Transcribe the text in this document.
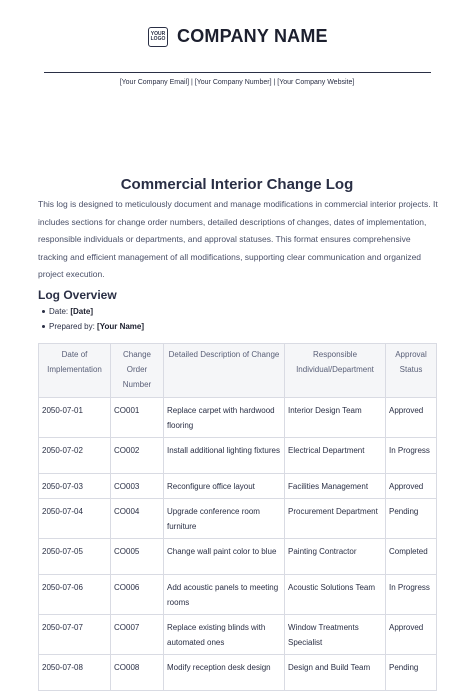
YOUR LOGO COMPANY NAME
[Your Company Email] | [Your Company Number] | [Your Company Website]
Commercial Interior Change Log
This log is designed to meticulously document and manage modifications in commercial interior projects. It includes sections for change order numbers, detailed descriptions of changes, dates of implementation, responsible individuals or departments, and approval statuses. This format ensures comprehensive tracking and efficient management of all modifications, supporting clear communication and organized project execution.
Log Overview
Date: [Date]
Prepared by: [Your Name]
Date of Implementation	Change Order Number	Detailed Description of Change	Responsible Individual/Department	Approval Status
2050-07-01	CO001	Replace carpet with hardwood flooring	Interior Design Team	Approved
2050-07-02	CO002	Install additional lighting fixtures	Electrical Department	In Progress
2050-07-03	CO003	Reconfigure office layout	Facilities Management	Approved
2050-07-04	CO004	Upgrade conference room furniture	Procurement Department	Pending
2050-07-05	CO005	Change wall paint color to blue	Painting Contractor	Completed
2050-07-06	CO006	Add acoustic panels to meeting rooms	Acoustic Solutions Team	In Progress
2050-07-07	CO007	Replace existing blinds with automated ones	Window Treatments Specialist	Approved
2050-07-08	CO008	Modify reception desk design	Design and Build Team	Pending
